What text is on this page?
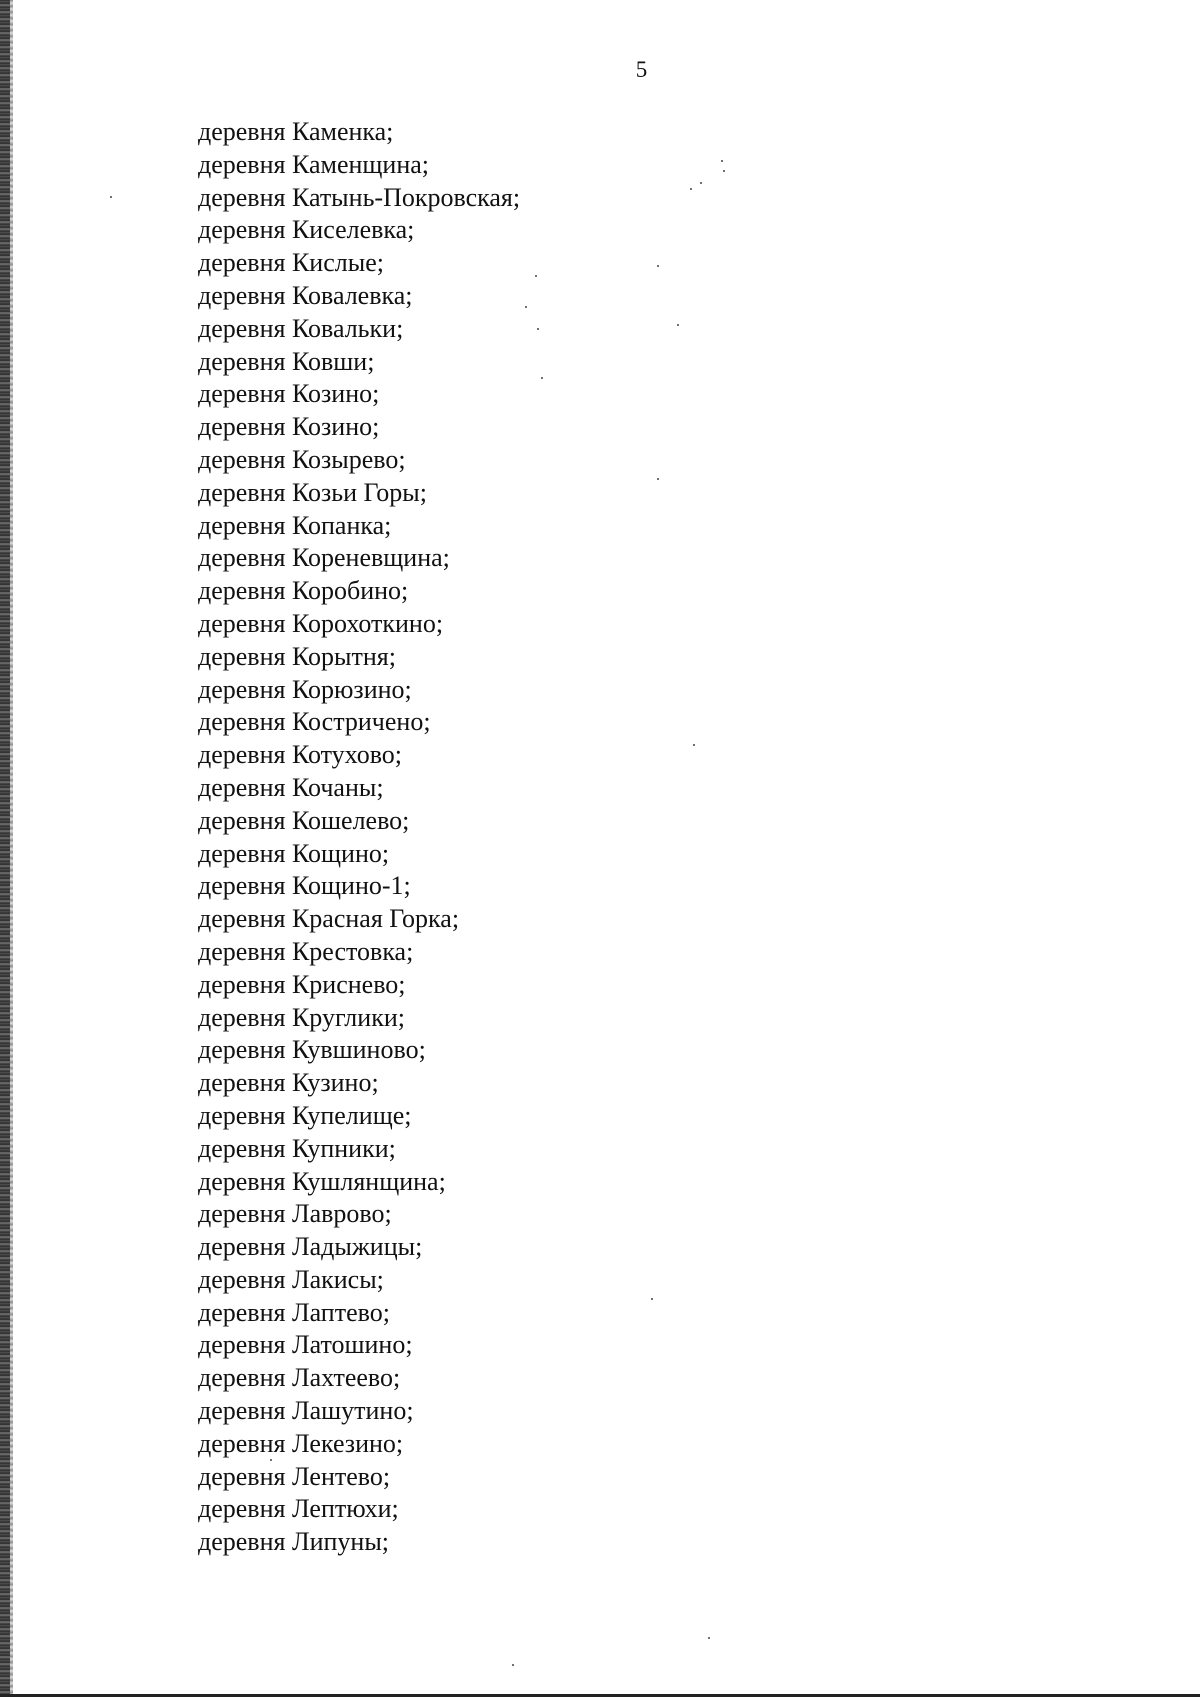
5
деревня Каменка;
деревня Каменщина;
деревня Катынь-Покровская;
деревня Киселевка;
деревня Кислые;
деревня Ковалевка;
деревня Ковальки;
деревня Ковши;
деревня Козино;
деревня Козино;
деревня Козырево;
деревня Козьи Горы;
деревня Копанка;
деревня Кореневщина;
деревня Коробино;
деревня Корохоткино;
деревня Корытня;
деревня Корюзино;
деревня Костричено;
деревня Котухово;
деревня Кочаны;
деревня Кошелево;
деревня Кощино;
деревня Кощино-1;
деревня Красная Горка;
деревня Крестовка;
деревня Криснево;
деревня Круглики;
деревня Кувшиново;
деревня Кузино;
деревня Купелище;
деревня Купники;
деревня Кушлянщина;
деревня Лаврово;
деревня Ладыжицы;
деревня Лакисы;
деревня Лаптево;
деревня Латошино;
деревня Лахтеево;
деревня Лашутино;
деревня Лекезино;
деревня Лентево;
деревня Лептюхи;
деревня Липуны;
